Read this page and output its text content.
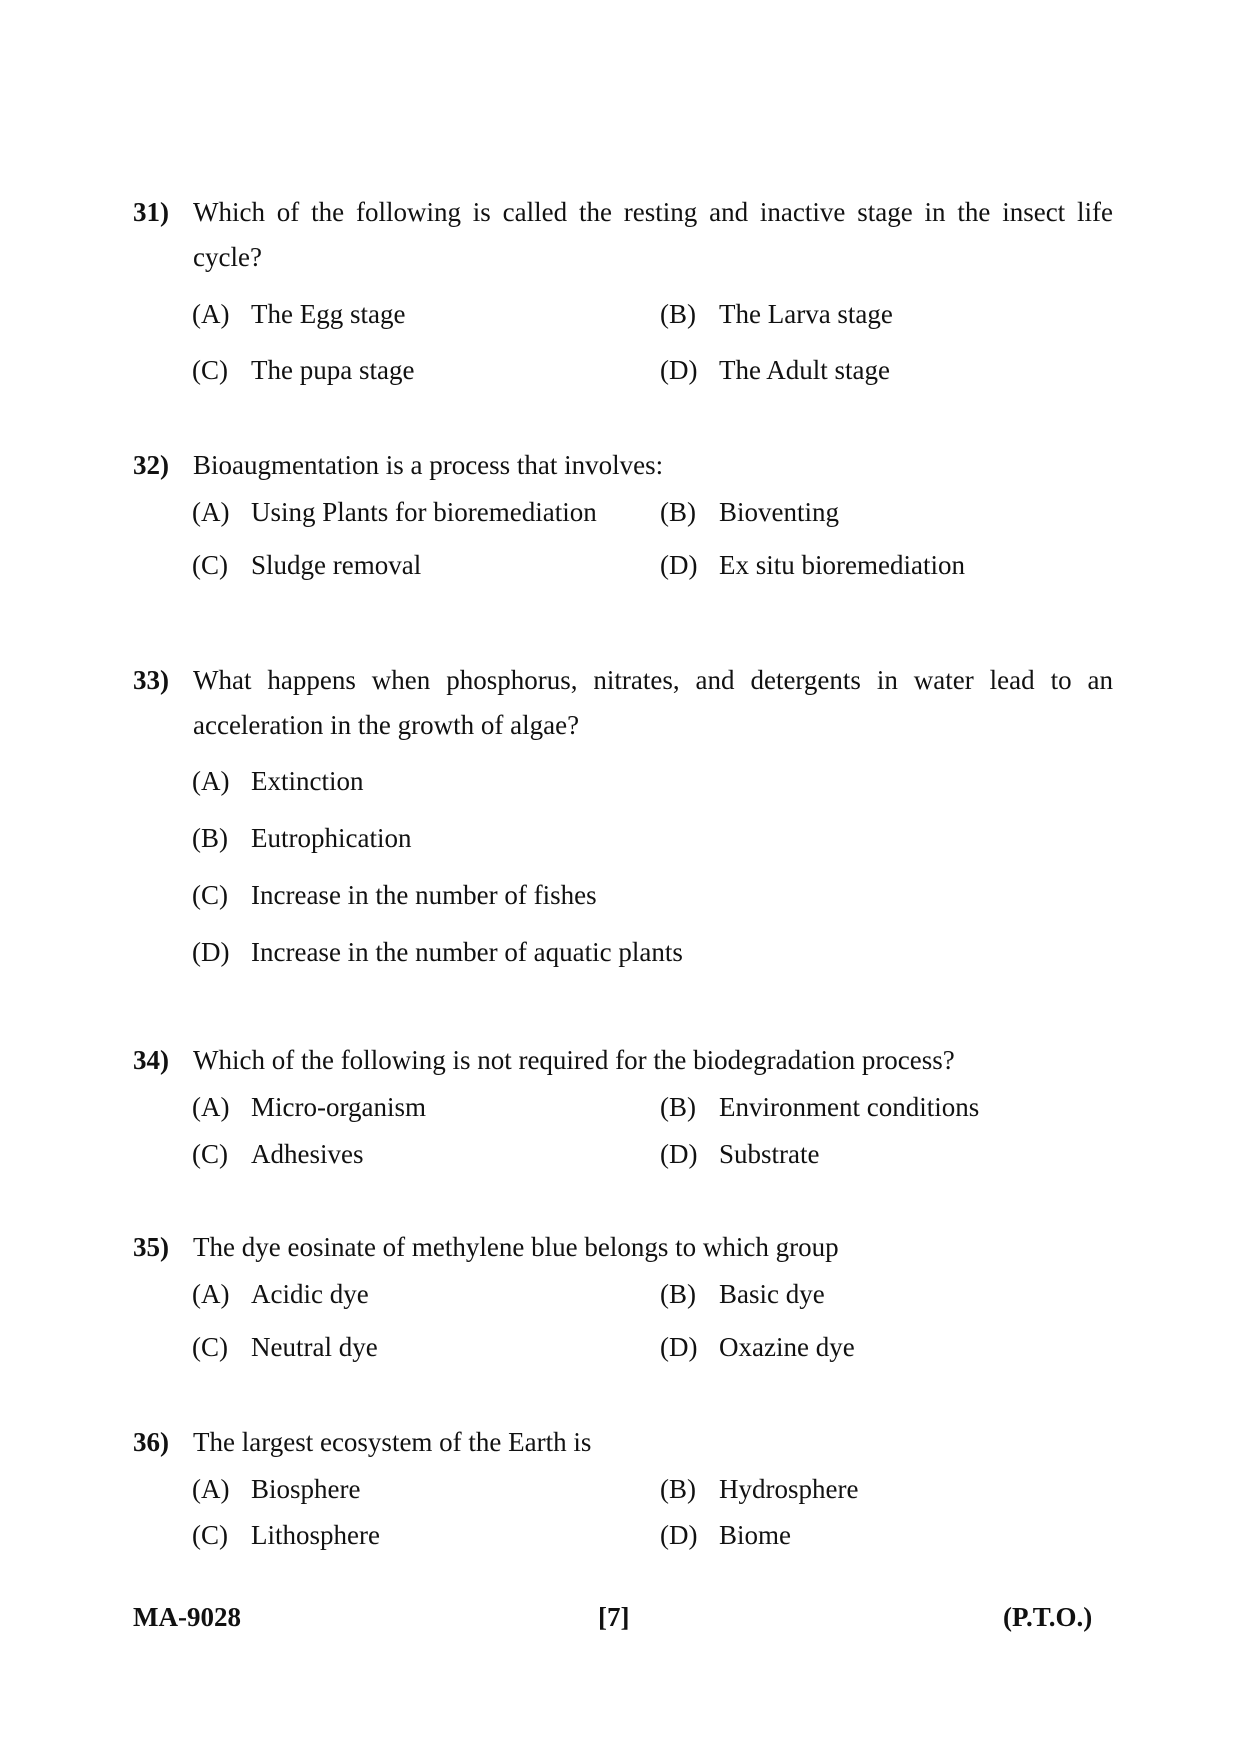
31) Which of the following is called the resting and inactive stage in the insect life cycle?
(A) The Egg stage	(B) The Larva stage
(C) The pupa stage	(D) The Adult stage
32) Bioaugmentation is a process that involves:
(A) Using Plants for bioremediation (B) Bioventing
(C) Sludge removal	(D) Ex situ bioremediation
33) What happens when phosphorus, nitrates, and detergents in water lead to an acceleration in the growth of algae?
(A) Extinction
(B) Eutrophication
(C) Increase in the number of fishes
(D) Increase in the number of aquatic plants
34) Which of the following is not required for the biodegradation process?
(A) Micro-organism	(B) Environment conditions
(C) Adhesives	(D) Substrate
35) The dye eosinate of methylene blue belongs to which group
(A) Acidic dye	(B) Basic dye
(C) Neutral dye	(D) Oxazine dye
36) The largest ecosystem of the Earth is
(A) Biosphere	(B) Hydrosphere
(C) Lithosphere	(D) Biome
MA-9028	[7]	(P.T.O.)
